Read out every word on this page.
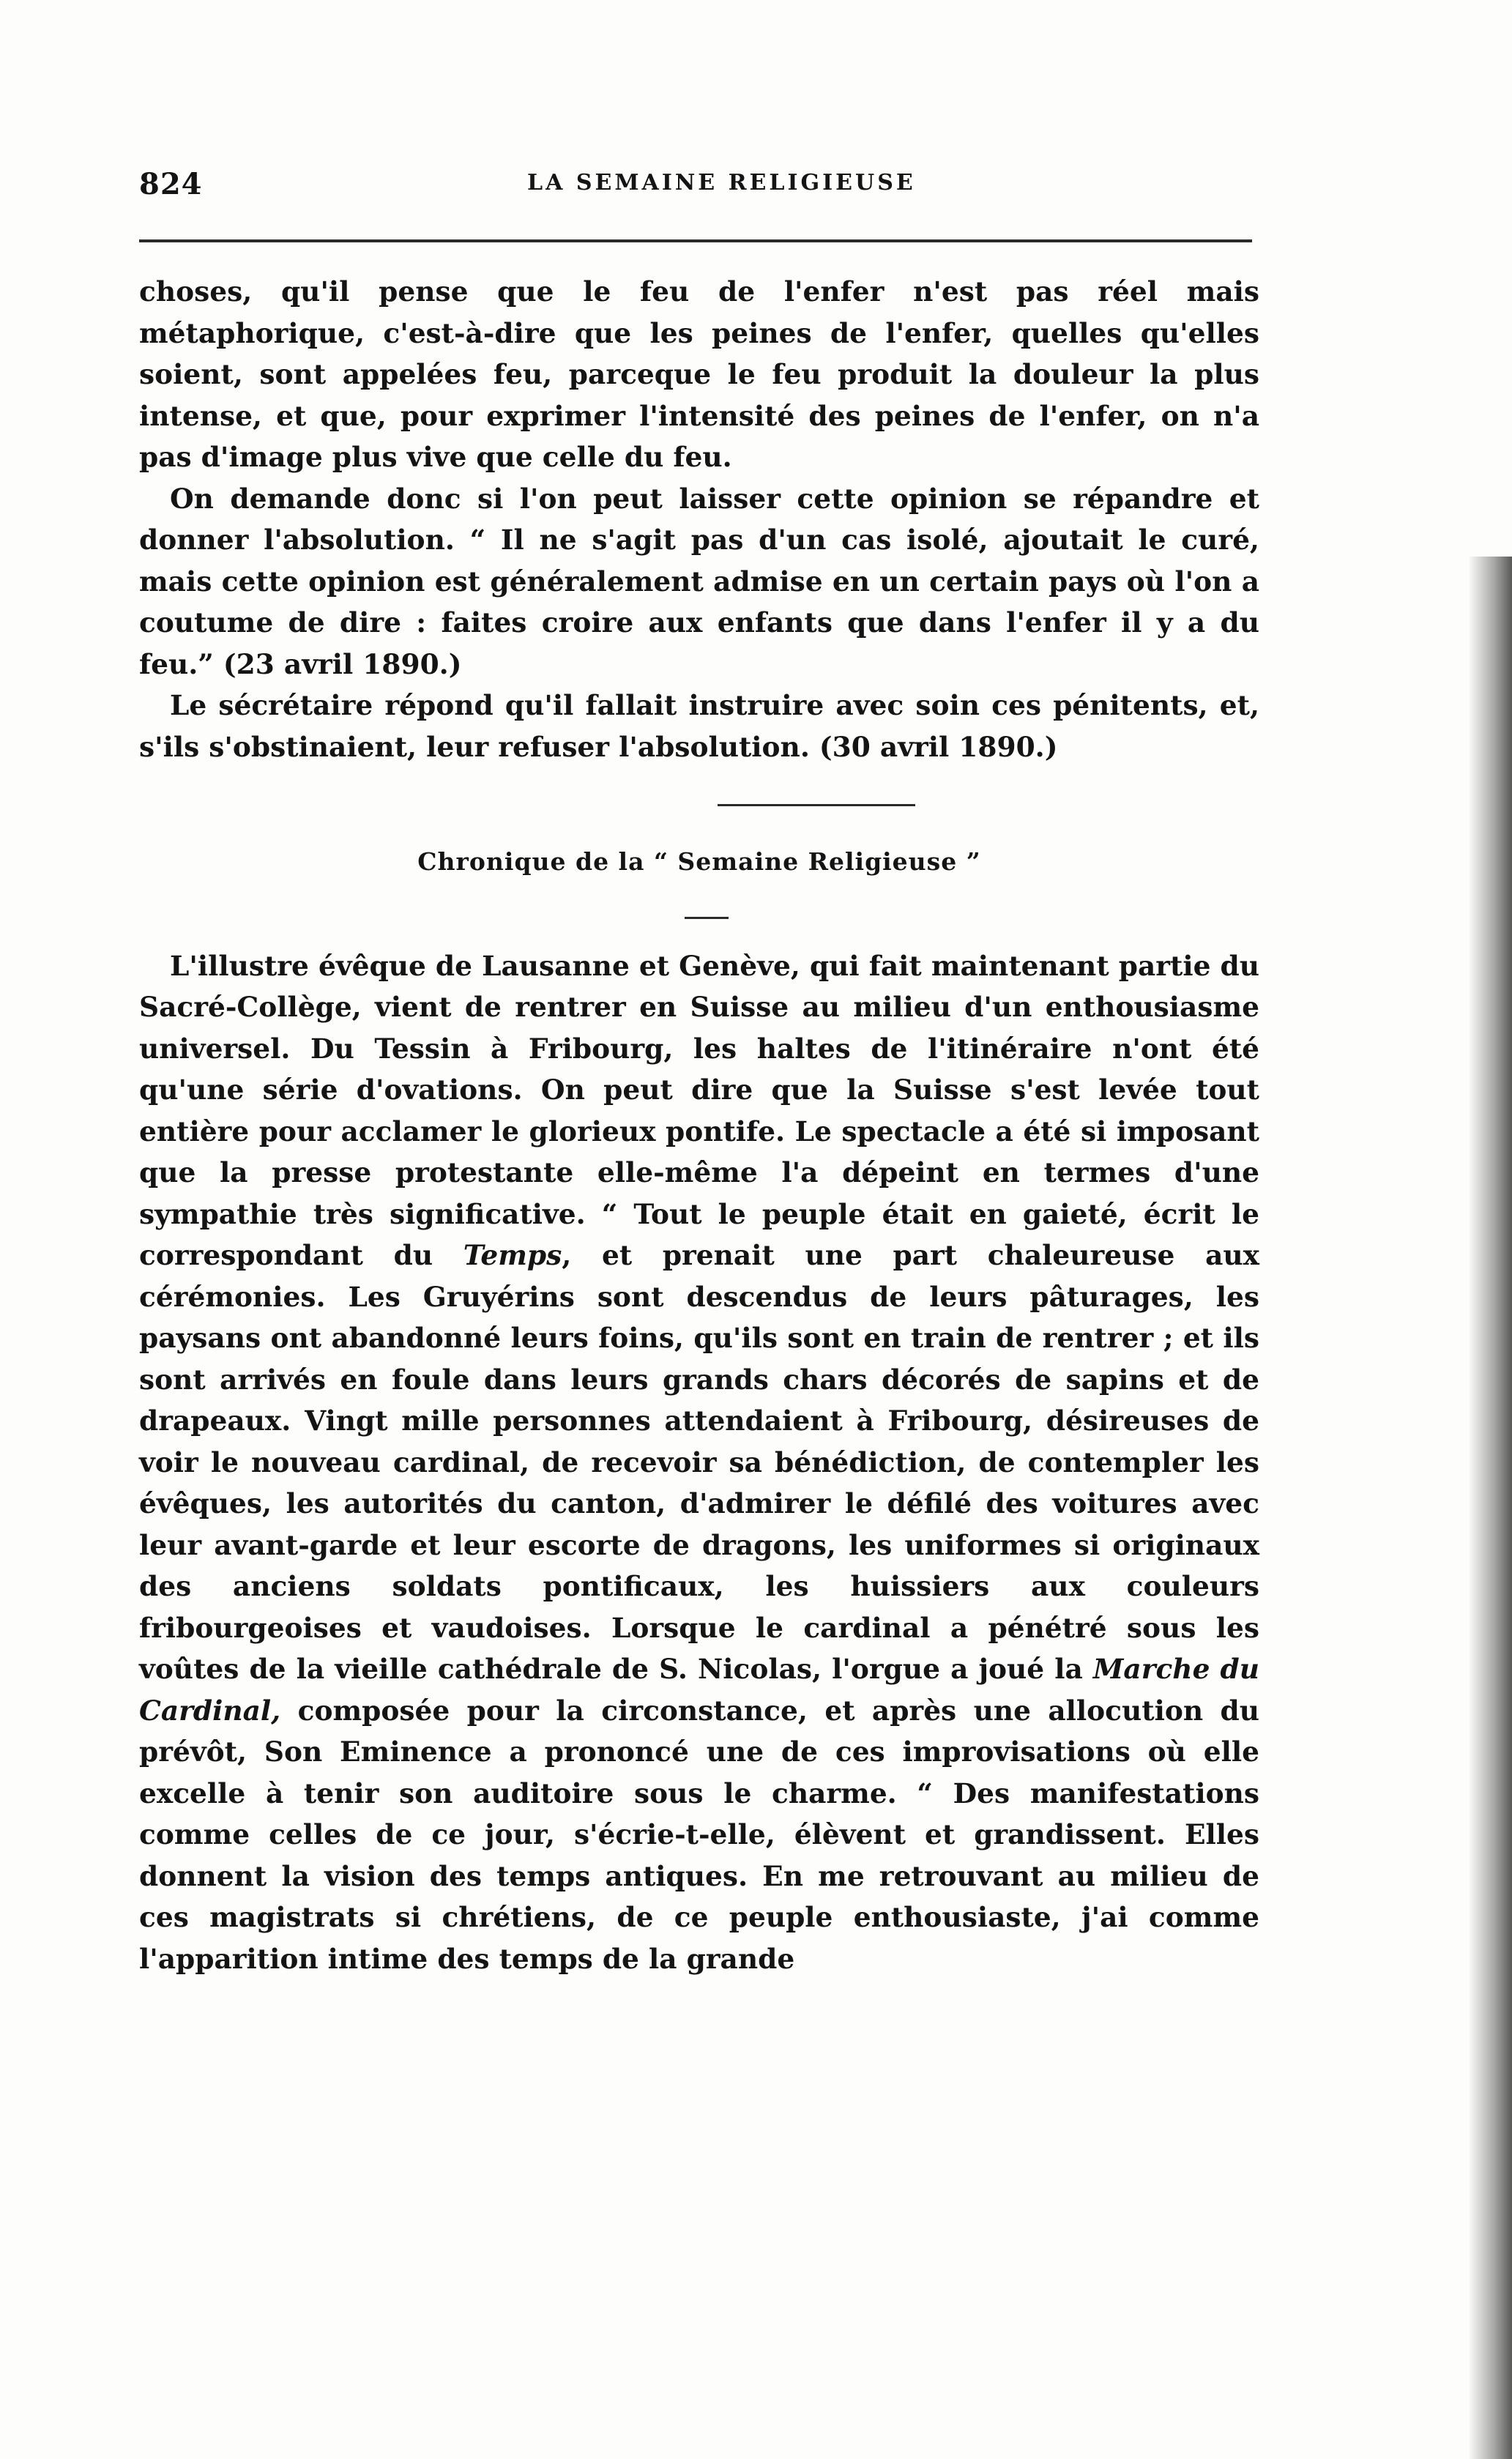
824	LA SEMAINE RELIGIEUSE

choses, qu'il pense que le feu de l'enfer n'est pas réel mais métaphorique, c'est-à-dire que les peines de l'enfer, quelles qu'elles soient, sont appelées feu, parceque le feu produit la douleur la plus intense, et que, pour exprimer l'intensité des peines de l'enfer, on n'a pas d'image plus vive que celle du feu.

On demande donc si l'on peut laisser cette opinion se répandre et donner l'absolution. “ Il ne s'agit pas d'un cas isolé, ajoutait le curé, mais cette opinion est généralement admise en un certain pays où l'on a coutume de dire : faites croire aux enfants que dans l'enfer il y a du feu.” (23 avril 1890.)

Le sécrétaire répond qu'il fallait instruire avec soin ces pénitents, et, s'ils s'obstinaient, leur refuser l'absolution. (30 avril 1890.)

Chronique de la “ Semaine Religieuse ”

L'illustre évêque de Lausanne et Genève, qui fait maintenant partie du Sacré-Collège, vient de rentrer en Suisse au milieu d'un enthousiasme universel. Du Tessin à Fribourg, les haltes de l'itinéraire n'ont été qu'une série d'ovations. On peut dire que la Suisse s'est levée tout entière pour acclamer le glorieux pontife. Le spectacle a été si imposant que la presse protestante elle-même l'a dépeint en termes d'une sympathie très significative. “ Tout le peuple était en gaieté, écrit le correspondant du Temps, et prenait une part chaleureuse aux cérémonies. Les Gruyérins sont descendus de leurs pâturages, les paysans ont abandonné leurs foins, qu'ils sont en train de rentrer ; et ils sont arrivés en foule dans leurs grands chars décorés de sapins et de drapeaux. Vingt mille personnes attendaient à Fribourg, désireuses de voir le nouveau cardinal, de recevoir sa bénédiction, de contempler les évêques, les autorités du canton, d'admirer le défilé des voitures avec leur avant-garde et leur escorte de dragons, les uniformes si originaux des anciens soldats pontificaux, les huissiers aux couleurs fribourgeoises et vaudoises. Lorsque le cardinal a pénétré sous les voûtes de la vieille cathédrale de S. Nicolas, l'orgue a joué la Marche du Cardinal, composée pour la circonstance, et après une allocution du prévôt, Son Eminence a prononcé une de ces improvisations où elle excelle à tenir son auditoire sous le charme. “ Des manifestations comme celles de ce jour, s'écrie-t-elle, élèvent et grandissent. Elles donnent la vision des temps antiques. En me retrouvant au milieu de ces magistrats si chrétiens, de ce peuple enthousiaste, j'ai comme l'apparition intime des temps de la grande
